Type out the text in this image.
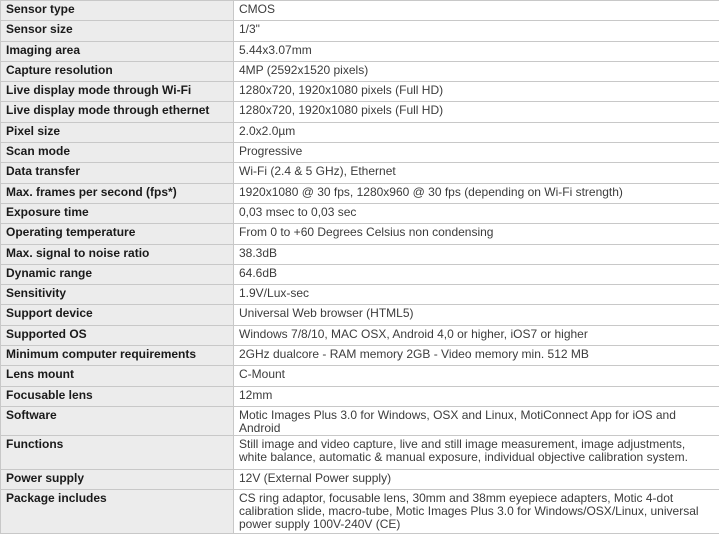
Sensor type	CMOS
Sensor size	1/3"
Imaging area	5.44x3.07mm
Capture resolution	4MP (2592x1520 pixels)
Live display mode through Wi-Fi	1280x720, 1920x1080 pixels (Full HD)
Live display mode through ethernet	1280x720, 1920x1080 pixels (Full HD)
Pixel size	2.0x2.0µm
Scan mode	Progressive
Data transfer	Wi-Fi (2.4 & 5 GHz), Ethernet
Max. frames per second (fps*)	1920x1080 @ 30 fps, 1280x960 @ 30 fps (depending on Wi-Fi strength)
Exposure time	0,03 msec to 0,03 sec
Operating temperature	From 0 to +60 Degrees Celsius non condensing
Max. signal to noise ratio	38.3dB
Dynamic range	64.6dB
Sensitivity	1.9V/Lux-sec
Support device	Universal Web browser (HTML5)
Supported OS	Windows 7/8/10, MAC OSX, Android 4,0 or higher, iOS7 or higher
Minimum computer requirements	2GHz dualcore - RAM memory 2GB - Video memory min. 512 MB
Lens mount	C-Mount
Focusable lens	12mm
Software	Motic Images Plus 3.0 for Windows, OSX and Linux, MotiConnect App for iOS and Android
Functions	Still image and video capture, live and still image measurement, image adjustments, white balance, automatic & manual exposure, individual objective calibration system.
Power supply	12V (External Power supply)
Package includes	CS ring adaptor, focusable lens, 30mm and 38mm eyepiece adapters, Motic 4-dot calibration slide, macro-tube, Motic Images Plus 3.0 for Windows/OSX/Linux, universal power supply 100V-240V (CE)
